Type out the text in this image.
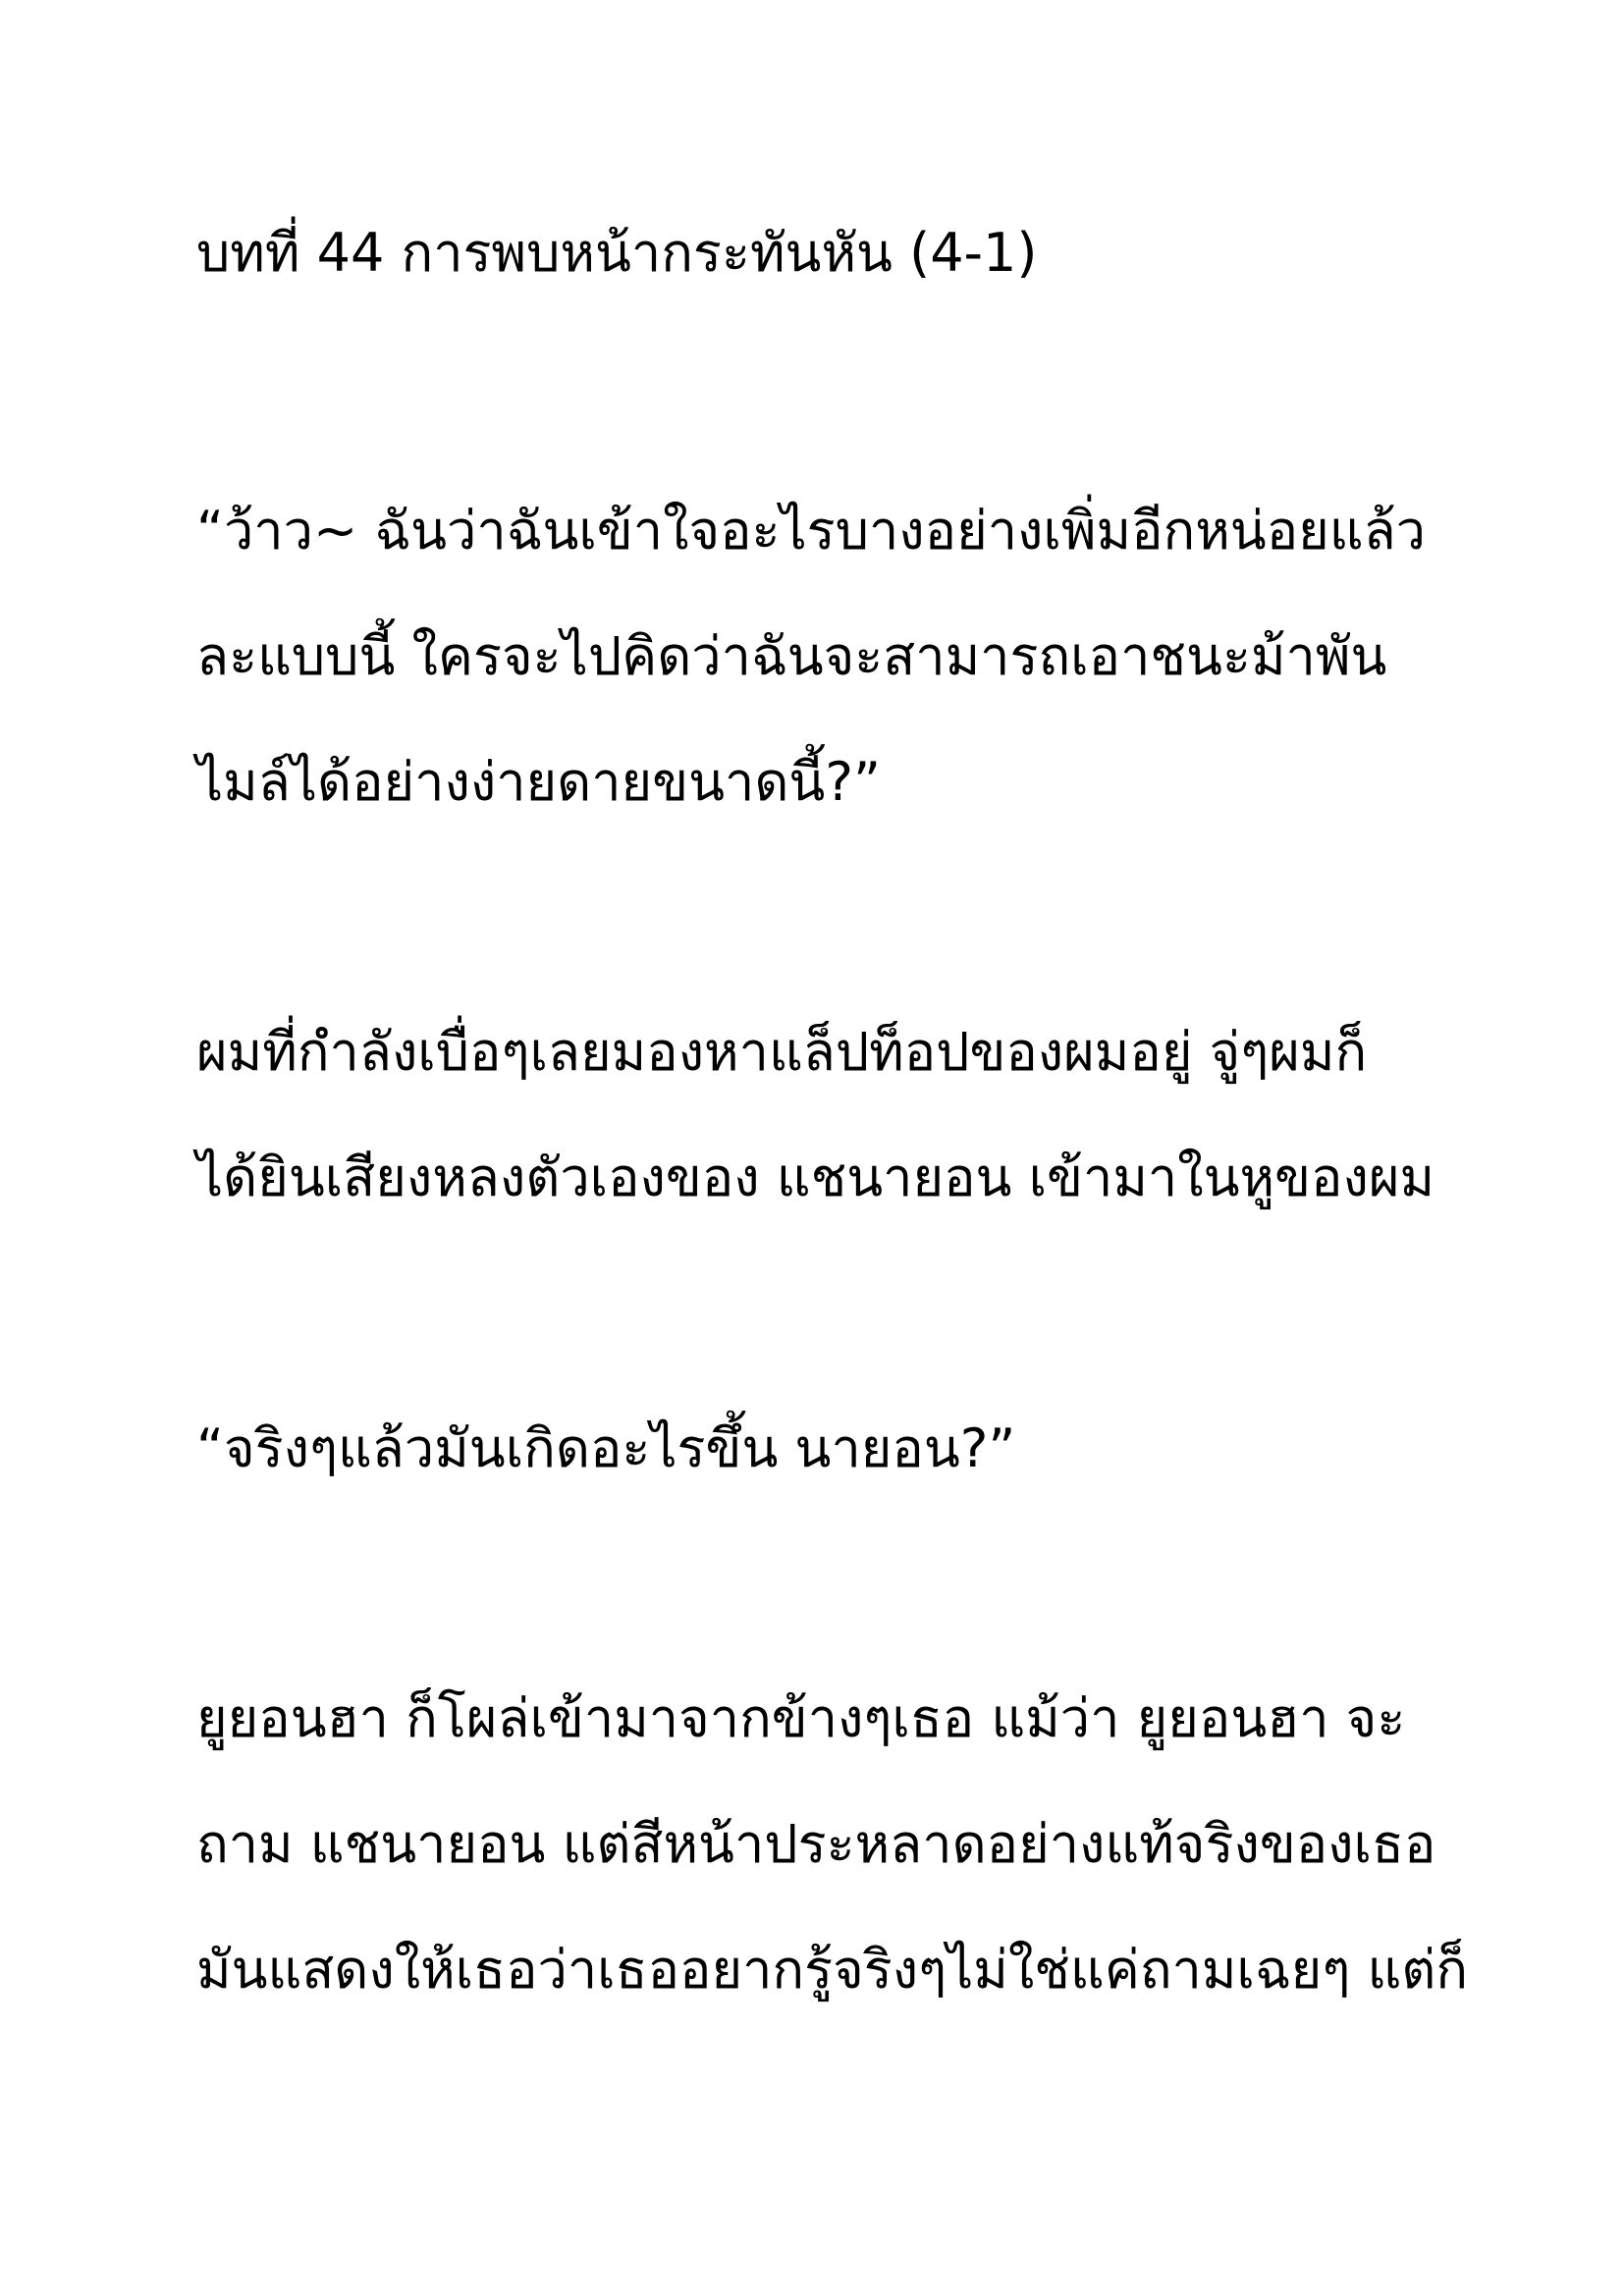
บทที่ 44 การพบหน้ากระทันหัน (4-1)
“ว้าว~ ฉันว่าฉันเข้าใจอะไรบางอย่างเพิ่มอีกหน่อยแล้ว
ละแบบนี้ ใครจะไปคิดว่าฉันจะสามารถเอาชนะม้าพัน
ไมล์ได้อย่างง่ายดายขนาดนี้?”
ผมที่กำลังเบื่อๆเลยมองหาแล็ปท็อปของผมอยู่ จู่ๆผมก็
ได้ยินเสียงหลงตัวเองของ แชนายอน เข้ามาในหูของผม
“จริงๆแล้วมันเกิดอะไรขึ้น นายอน?”
ยูยอนฮา ก็โผล่เข้ามาจากข้างๆเธอ แม้ว่า ยูยอนฮา จะ
ถาม แชนายอน แต่สีหน้าประหลาดอย่างแท้จริงของเธอ
มันแสดงให้เธอว่าเธออยากรู้จริงๆไม่ใช่แค่ถามเฉยๆ แต่ก็
